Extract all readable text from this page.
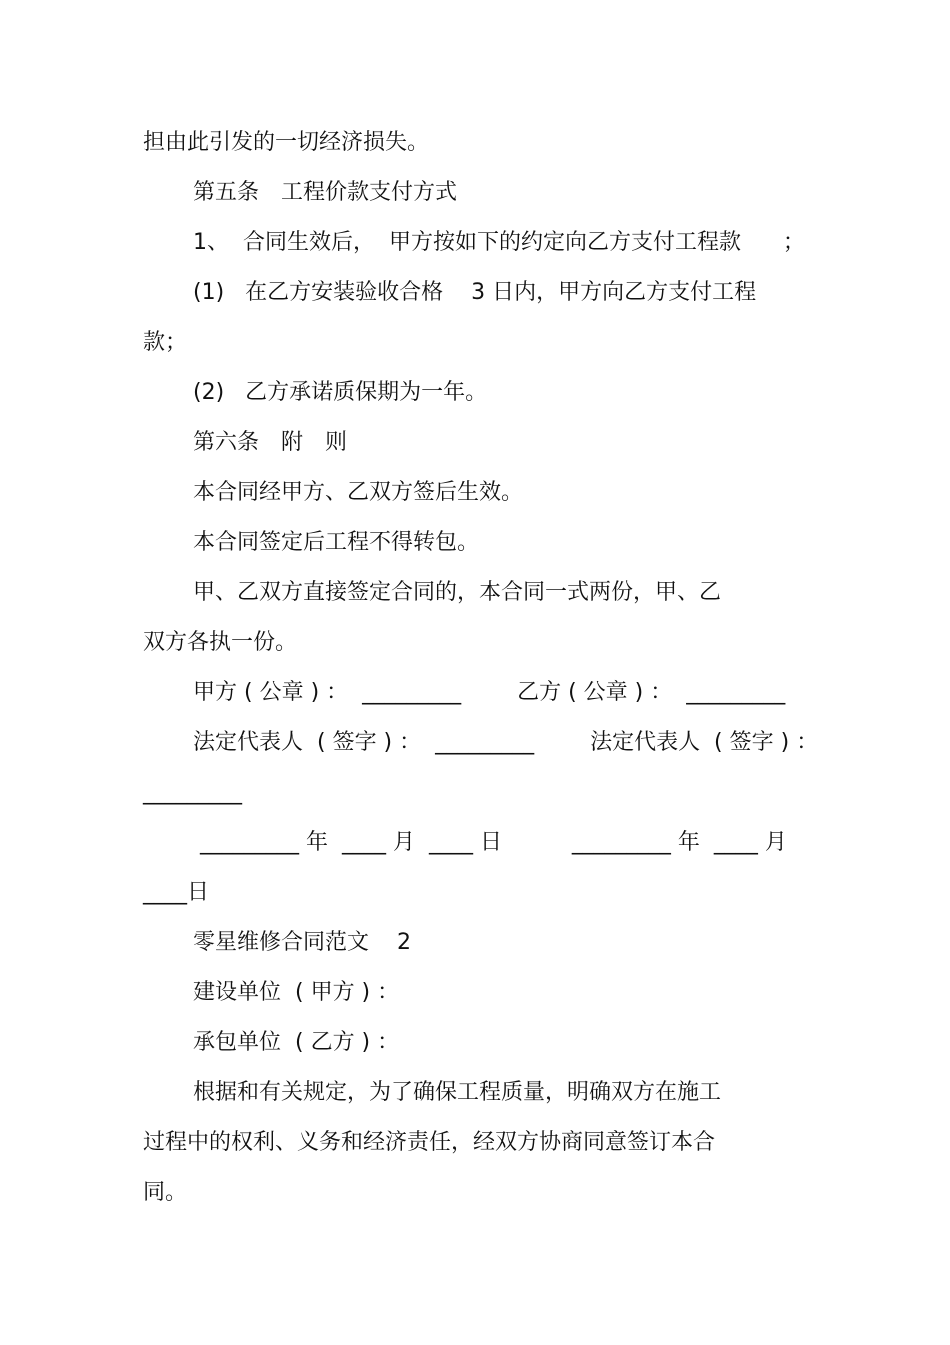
担由此引发的一切经济损失。
第五条　工程价款支付方式
1、  合同生效后，  甲方按如下的约定向乙方支付工程款      ；
(1)   在乙方安装验收合格    3 日内，甲方向乙方支付工程
款；
(2)   乙方承诺质保期为一年。
第六条　附　则
本合同经甲方、乙双方签后生效。
本合同签定后工程不得转包。
甲、乙双方直接签定合同的，本合同一式两份，甲、乙
双方各执一份。
甲方 ( 公章 ) ：  _________        乙方 ( 公章 ) ：  _________
法定代表人  ( 签字 ) ：  _________        法定代表人  ( 签字 ) ：
_________
_________ 年  ____ 月  ____ 日          _________ 年  ____ 月
____日
零星维修合同范文    2
建设单位  ( 甲方 ) ：
承包单位  ( 乙方 ) ：
根据和有关规定，为了确保工程质量，明确双方在施工
过程中的权利、义务和经济责任，经双方协商同意签订本合
同。
